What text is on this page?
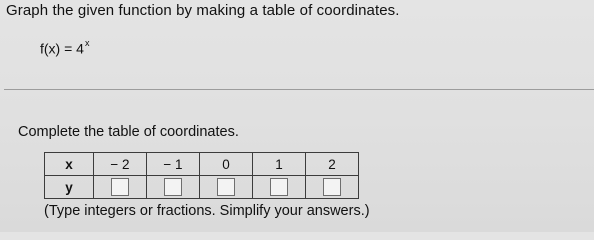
Graph the given function by making a table of coordinates.
$f(x) = 4^x$
Complete the table of coordinates.
x	− 2	− 1	0	1	2
y					
(Type integers or fractions. Simplify your answers.)
